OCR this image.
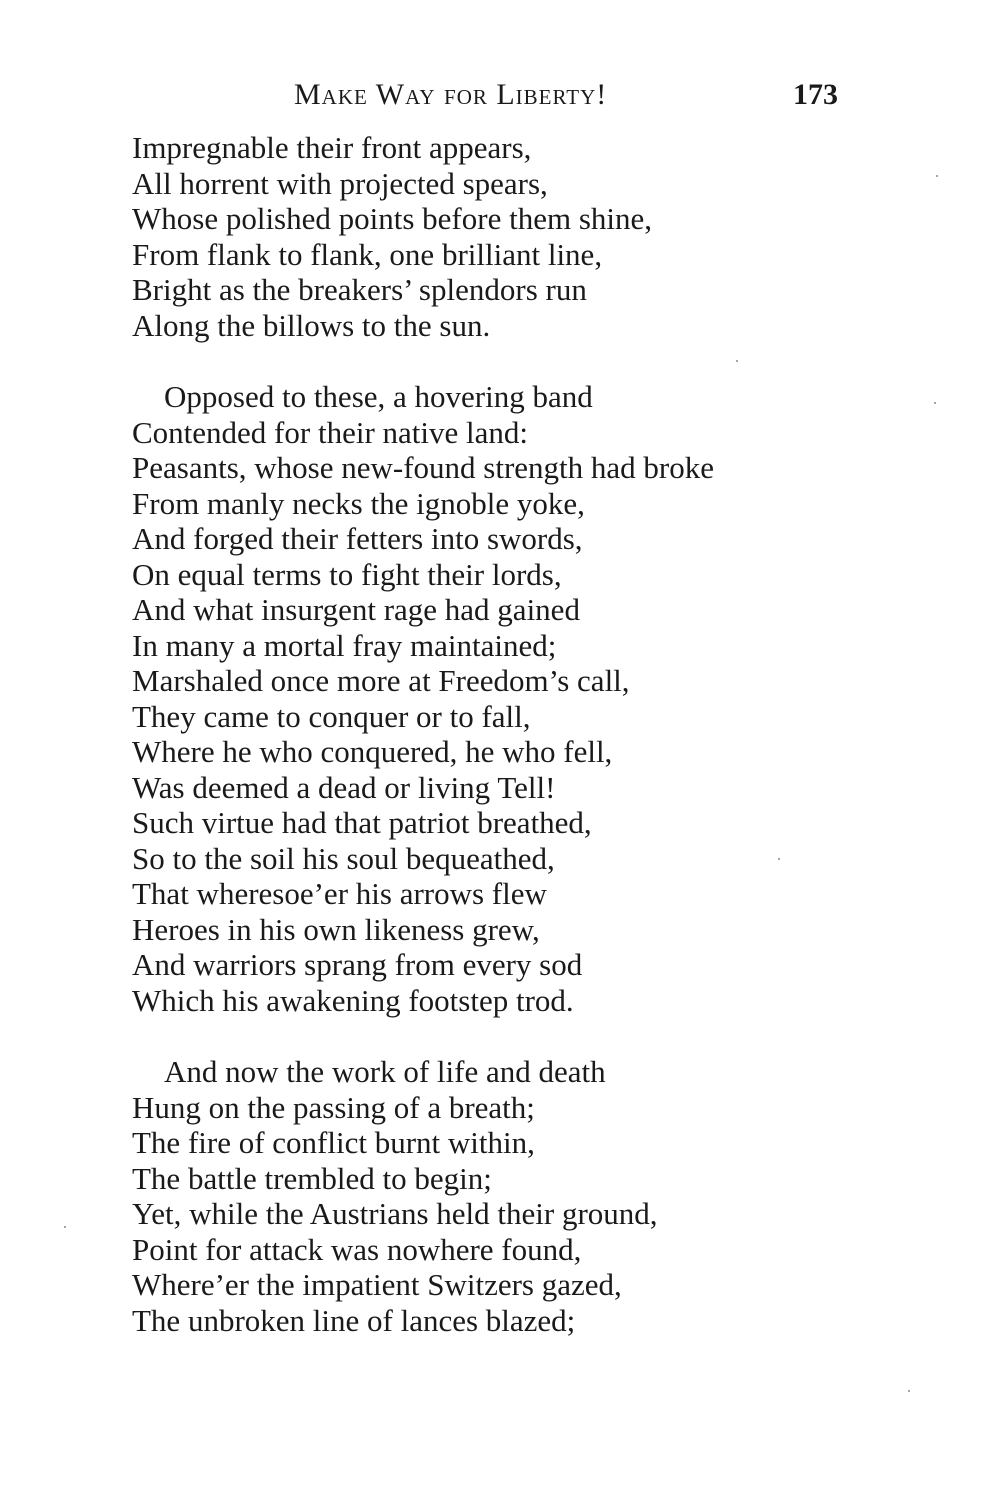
Make Way for Liberty!	173
Impregnable their front appears,
All horrent with projected spears,
Whose polished points before them shine,
From flank to flank, one brilliant line,
Bright as the breakers’ splendors run
Along the billows to the sun.
Opposed to these, a hovering band
Contended for their native land:
Peasants, whose new-found strength had broke
From manly necks the ignoble yoke,
And forged their fetters into swords,
On equal terms to fight their lords,
And what insurgent rage had gained
In many a mortal fray maintained;
Marshaled once more at Freedom’s call,
They came to conquer or to fall,
Where he who conquered, he who fell,
Was deemed a dead or living Tell!
Such virtue had that patriot breathed,
So to the soil his soul bequeathed,
That wheresoe’er his arrows flew
Heroes in his own likeness grew,
And warriors sprang from every sod
Which his awakening footstep trod.
And now the work of life and death
Hung on the passing of a breath;
The fire of conflict burnt within,
The battle trembled to begin;
Yet, while the Austrians held their ground,
Point for attack was nowhere found,
Where’er the impatient Switzers gazed,
The unbroken line of lances blazed;
